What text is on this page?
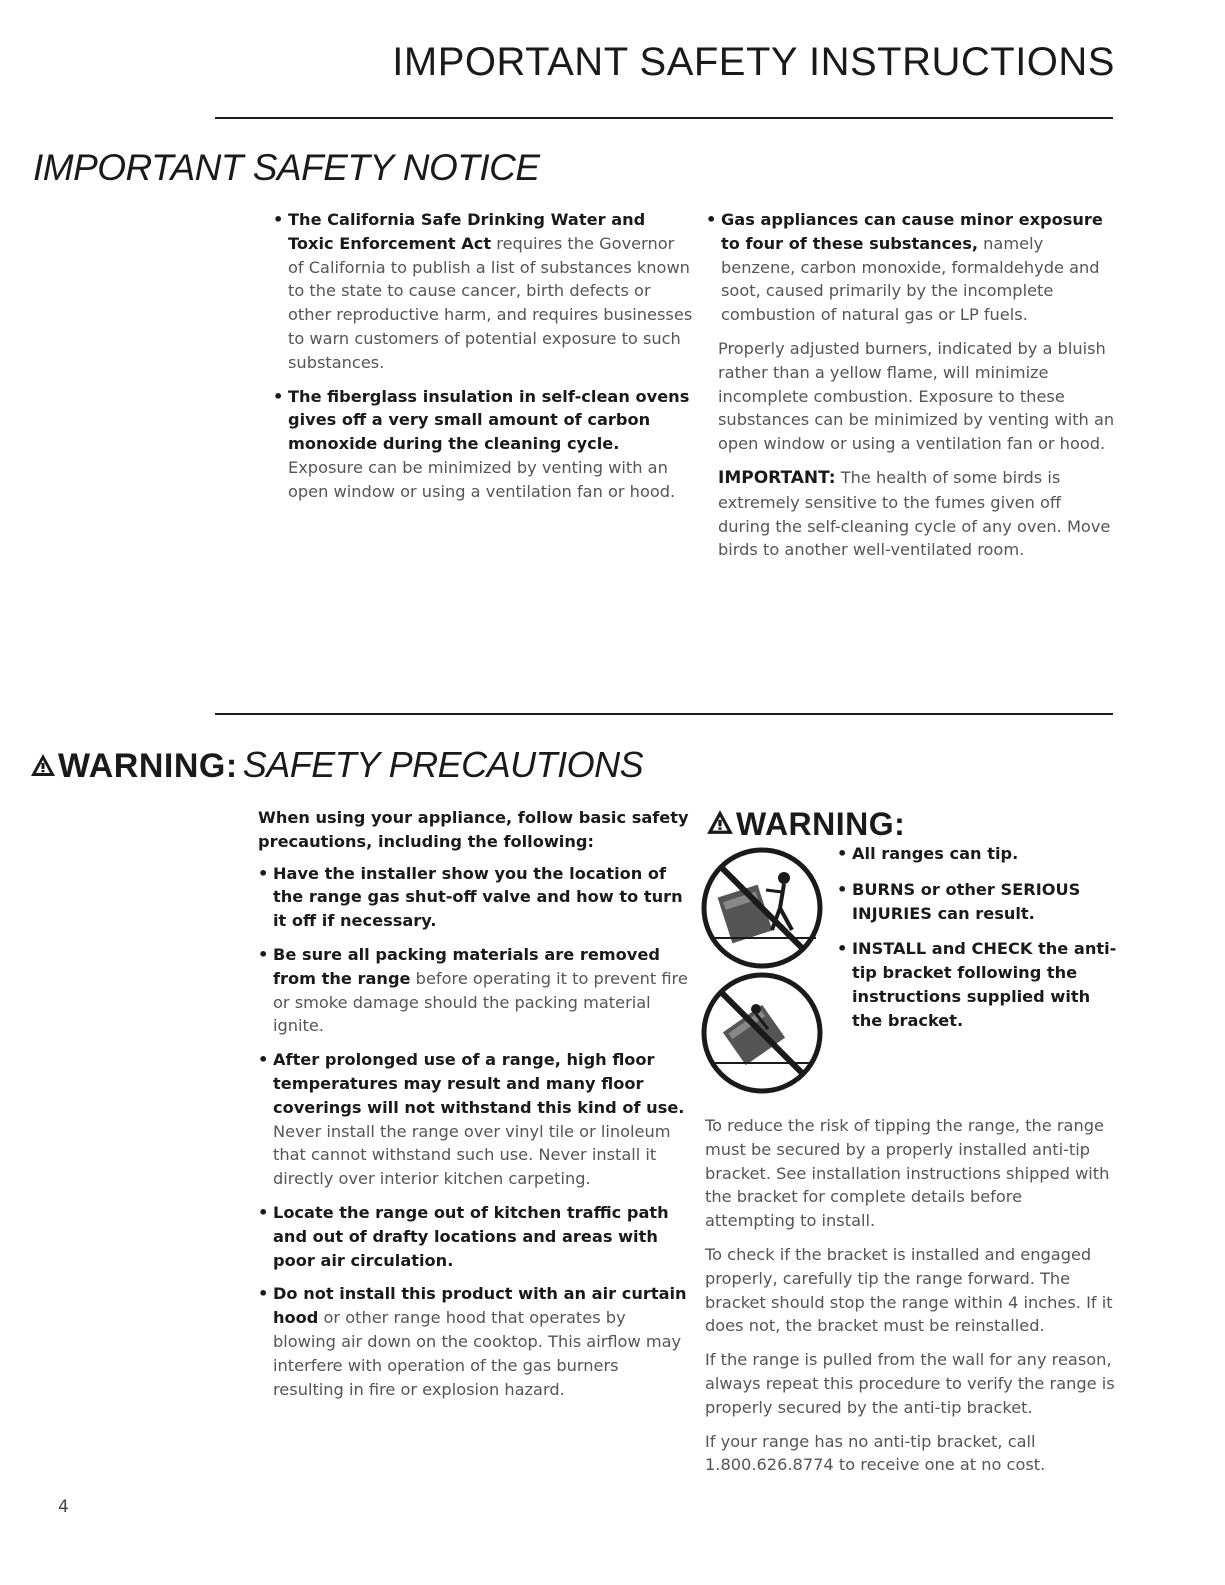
IMPORTANT SAFETY INSTRUCTIONS
IMPORTANT SAFETY NOTICE
• The California Safe Drinking Water and Toxic Enforcement Act requires the Governor of California to publish a list of substances known to the state to cause cancer, birth defects or other reproductive harm, and requires businesses to warn customers of potential exposure to such substances.
• The fiberglass insulation in self-clean ovens gives off a very small amount of carbon monoxide during the cleaning cycle. Exposure can be minimized by venting with an open window or using a ventilation fan or hood.
• Gas appliances can cause minor exposure to four of these substances, namely benzene, carbon monoxide, formaldehyde and soot, caused primarily by the incomplete combustion of natural gas or LP fuels.

Properly adjusted burners, indicated by a bluish rather than a yellow flame, will minimize incomplete combustion. Exposure to these substances can be minimized by venting with an open window or using a ventilation fan or hood.

IMPORTANT: The health of some birds is extremely sensitive to the fumes given off during the self-cleaning cycle of any oven. Move birds to another well-ventilated room.

WARNING: SAFETY PRECAUTIONS

When using your appliance, follow basic safety precautions, including the following:

• Have the installer show you the location of the range gas shut-off valve and how to turn it off if necessary.
• Be sure all packing materials are removed from the range before operating it to prevent fire or smoke damage should the packing material ignite.
• After prolonged use of a range, high floor temperatures may result and many floor coverings will not withstand this kind of use. Never install the range over vinyl tile or linoleum that cannot withstand such use. Never install it directly over interior kitchen carpeting.
• Locate the range out of kitchen traffic path and out of drafty locations and areas with poor air circulation.
• Do not install this product with an air curtain hood or other range hood that operates by blowing air down on the cooktop. This airflow may interfere with operation of the gas burners resulting in fire or explosion hazard.
WARNING:
• All ranges can tip.
• BURNS or other SERIOUS INJURIES can result.
• INSTALL and CHECK the anti-tip bracket following the instructions supplied with the bracket.

To reduce the risk of tipping the range, the range must be secured by a properly installed anti-tip bracket. See installation instructions shipped with the bracket for complete details before attempting to install.

To check if the bracket is installed and engaged properly, carefully tip the range forward. The bracket should stop the range within 4 inches. If it does not, the bracket must be reinstalled.

If the range is pulled from the wall for any reason, always repeat this procedure to verify the range is properly secured by the anti-tip bracket.

If your range has no anti-tip bracket, call 1.800.626.8774 to receive one at no cost.

4
